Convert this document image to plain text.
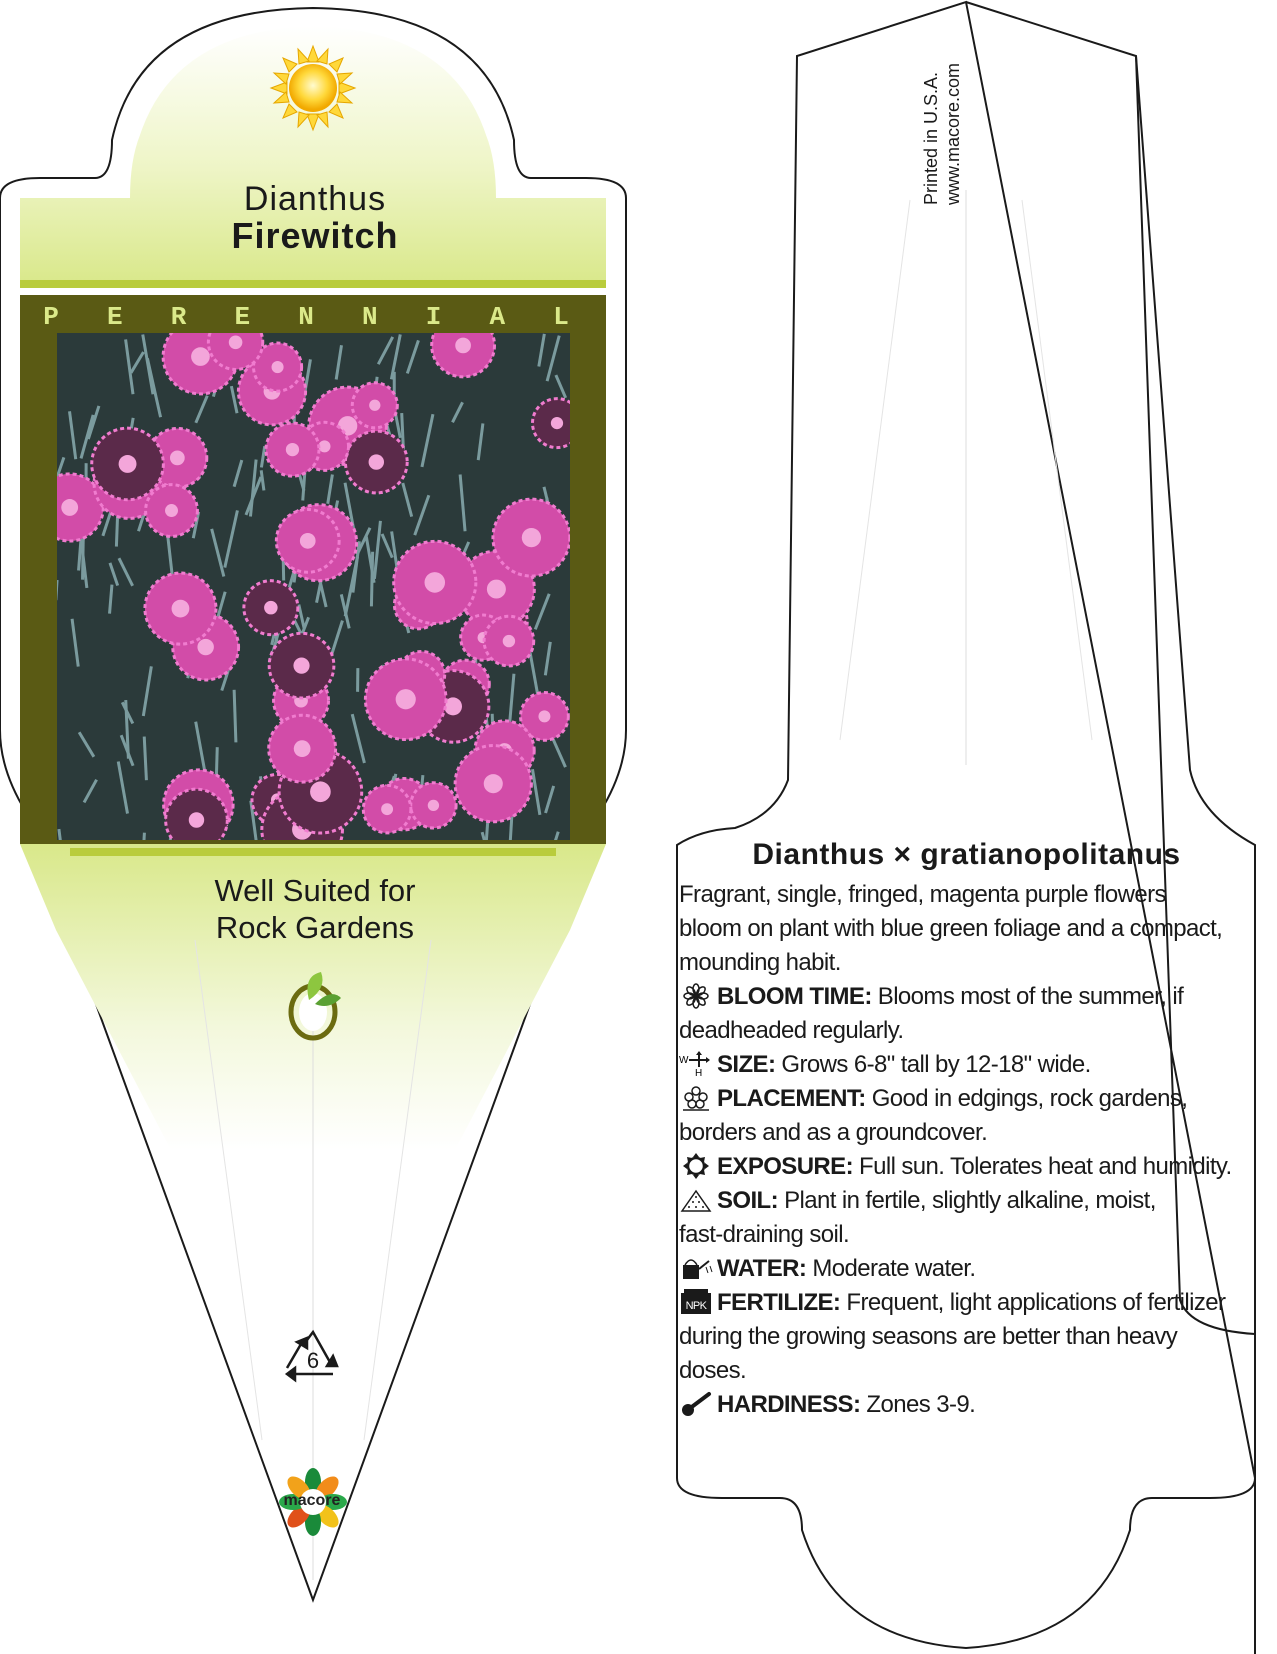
Dianthus
Firewitch
P E R E N N I A L
Well Suited for
Rock Gardens
6
macore
Printed in U.S.A. www.macore.com

Dianthus × gratianopolitanus

Fragrant, single, fringed, magenta purple flowers

bloom on plant with blue green foliage and a compact,

mounding habit.

BLOOM TIME: Blooms most of the summer, if
deadheaded regularly.
W
H SIZE: Grows 6-8" tall by 12-18" wide.
PLACEMENT: Good in edgings, rock gardens,
borders and as a groundcover.
EXPOSURE: Full sun. Tolerates heat and humidity.
SOIL: Plant in fertile, slightly alkaline, moist,
fast-draining soil.
WATER: Moderate water.
NPK FERTILIZE: Frequent, light applications of fertilizer
during the growing seasons are better than heavy
doses.
HARDINESS: Zones 3-9.
